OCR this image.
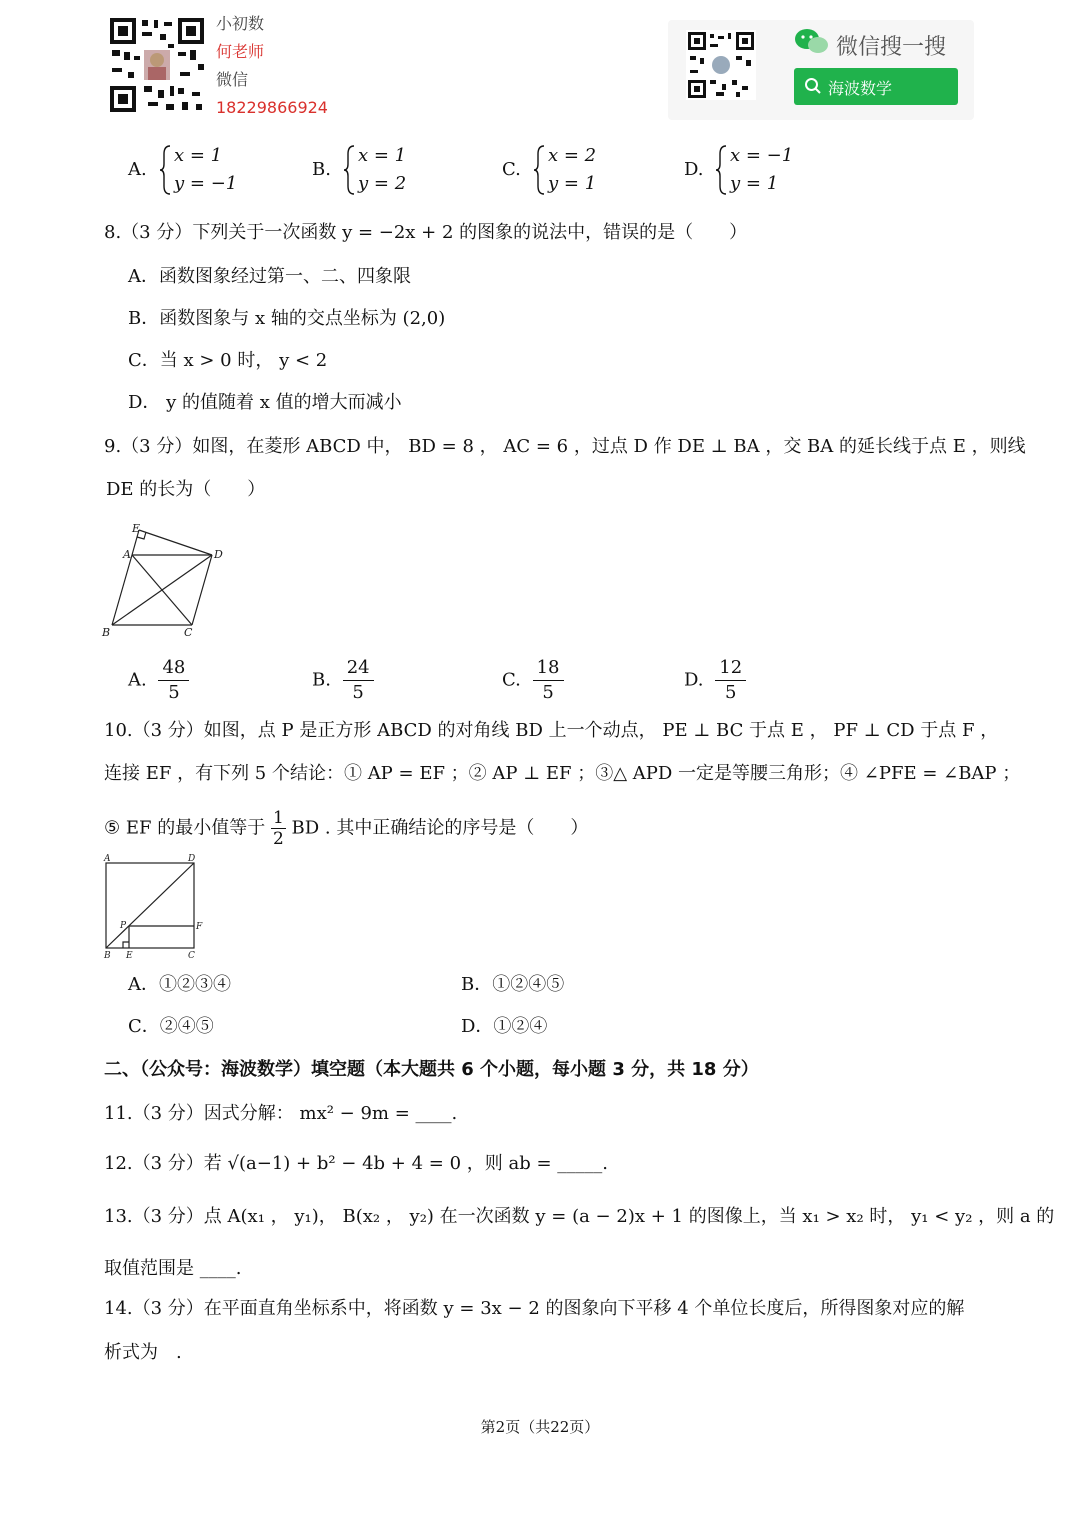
小初数
何老师
微信
18229866924
微信搜一搜
海波数学
A.
x = 1
y = −1
B.
x = 1
y = 2
C.
x = 2
y = 1
D.
x = −1
y = 1
8.（3 分）下列关于一次函数 y = −2x + 2 的图象的说法中，错误的是（　　）
A．函数图象经过第一、二、四象限
B．函数图象与 x 轴的交点坐标为 (2,0)
C．当 x > 0 时， y < 2
D． y 的值随着 x 值的增大而减小
9.（3 分）如图，在菱形 ABCD 中， BD = 8 ， AC = 6 ，过点 D 作 DE ⊥ BA ，交 BA 的延长线于点 E ，则线
DE 的长为（　　）
E
A	D
B	C
A. $\frac{48}{5}$	B. $\frac{24}{5}$	C. $\frac{18}{5}$	D. $\frac{12}{5}$
10.（3 分）如图，点 P 是正方形 ABCD 的对角线 BD 上一个动点， PE ⊥ BC 于点 E ， PF ⊥ CD 于点 F ，
连接 EF ，有下列 5 个结论：① AP = EF ；② AP ⊥ EF ；③△ APD 一定是等腰三角形；④ ∠PFE = ∠BAP ；
⑤ EF 的最小值等于 $\frac{1}{2}$ BD . 其中正确结论的序号是（　　）
A	D
P	F
B E	C
A．①②③④	B．①②④⑤
C．②④⑤	D．①②④
二、（公众号：海波数学）填空题（本大题共 6 个小题，每小题 3 分，共 18 分）
11.（3 分）因式分解： mx² − 9m = ____.
12.（3 分）若 √(a−1) + b² − 4b + 4 = 0 ，则 ab = _____.
13.（3 分）点 A(x₁ ， y₁)， B(x₂ ， y₂) 在一次函数 y = (a − 2)x + 1 的图像上，当 x₁ > x₂ 时， y₁ < y₂ ，则 a 的
取值范围是 ____.
14.（3 分）在平面直角坐标系中，将函数 y = 3x − 2 的图象向下平移 4 个单位长度后，所得图象对应的解
析式为　.
第2页（共22页）
